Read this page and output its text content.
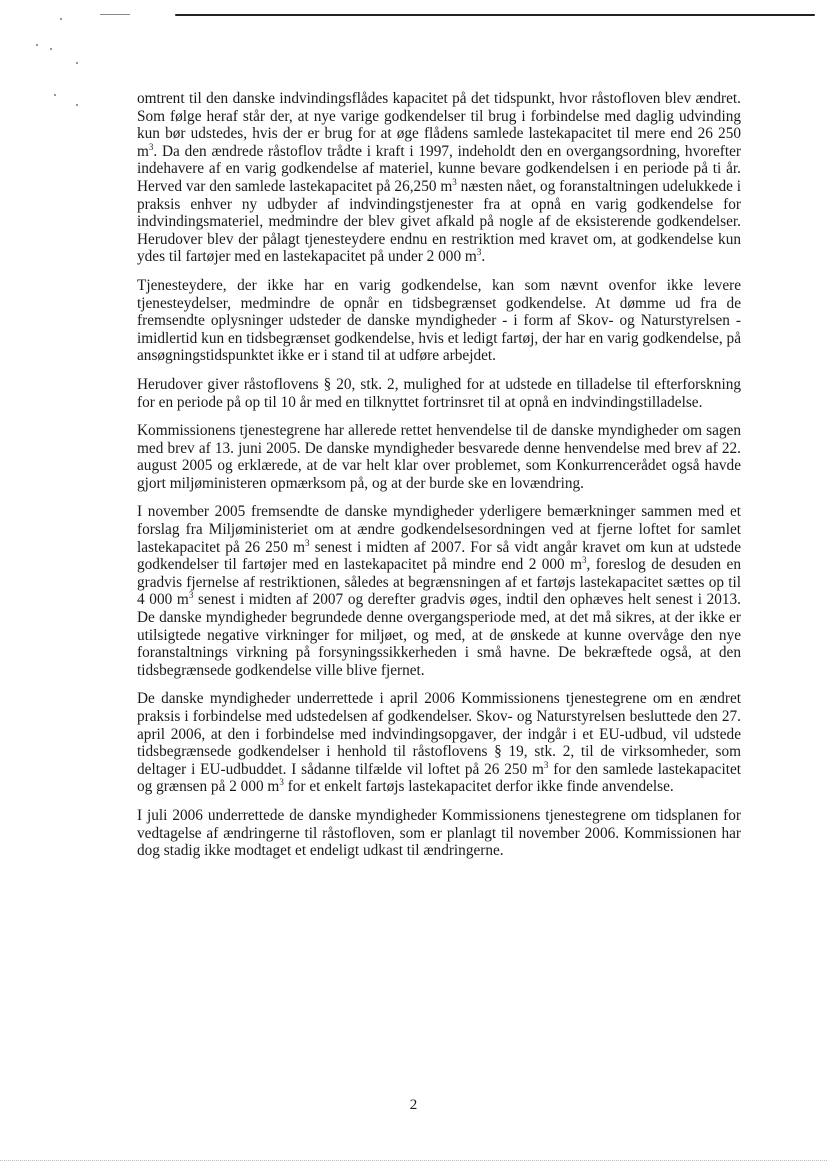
omtrent til den danske indvindingsflådes kapacitet på det tidspunkt, hvor råstofloven blev ændret. Som følge heraf står der, at nye varige godkendelser til brug i forbindelse med daglig udvinding kun bør udstedes, hvis der er brug for at øge flådens samlede lastekapacitet til mere end 26 250 $m^3$. Da den ændrede råstoflov trådte i kraft i 1997, indeholdt den en overgangsordning, hvorefter indehavere af en varig godkendelse af materiel, kunne bevare godkendelsen i en periode på ti år. Herved var den samlede lastekapacitet på 26,250 $m^3$ næsten nået, og foranstaltningen udelukkede i praksis enhver ny udbyder af indvindingstjenester fra at opnå en varig godkendelse for indvindingsmateriel, medmindre der blev givet afkald på nogle af de eksisterende godkendelser. Herudover blev der pålagt tjenesteydere endnu en restriktion med kravet om, at godkendelse kun ydes til fartøjer med en lastekapacitet på under 2 000 $m^3$.

Tjenesteydere, der ikke har en varig godkendelse, kan som nævnt ovenfor ikke levere tjenesteydelser, medmindre de opnår en tidsbegrænset godkendelse. At dømme ud fra de fremsendte oplysninger udsteder de danske myndigheder - i form af Skov- og Naturstyrelsen - imidlertid kun en tidsbegrænset godkendelse, hvis et ledigt fartøj, der har en varig godkendelse, på ansøgningstidspunktet ikke er i stand til at udføre arbejdet.

Herudover giver råstoflovens § 20, stk. 2, mulighed for at udstede en tilladelse til efterforskning for en periode på op til 10 år med en tilknyttet fortrinsret til at opnå en indvindingstilladelse.

Kommissionens tjenestegrene har allerede rettet henvendelse til de danske myndigheder om sagen med brev af 13. juni 2005. De danske myndigheder besvarede denne henvendelse med brev af 22. august 2005 og erklærede, at de var helt klar over problemet, som Konkurrencerådet også havde gjort miljøministeren opmærksom på, og at der burde ske en lovændring.

I november 2005 fremsendte de danske myndigheder yderligere bemærkninger sammen med et forslag fra Miljøministeriet om at ændre godkendelsesordningen ved at fjerne loftet for samlet lastekapacitet på 26 250 $m^3$ senest i midten af 2007. For så vidt angår kravet om kun at udstede godkendelser til fartøjer med en lastekapacitet på mindre end 2 000 $m^3$, foreslog de desuden en gradvis fjernelse af restriktionen, således at begrænsningen af et fartøjs lastekapacitet sættes op til 4 000 $m^3$ senest i midten af 2007 og derefter gradvis øges, indtil den ophæves helt senest i 2013. De danske myndigheder begrundede denne overgangsperiode med, at det må sikres, at der ikke er utilsigtede negative virkninger for miljøet, og med, at de ønskede at kunne overvåge den nye foranstaltnings virkning på forsyningssikkerheden i små havne. De bekræftede også, at den tidsbegrænsede godkendelse ville blive fjernet.

De danske myndigheder underrettede i april 2006 Kommissionens tjenestegrene om en ændret praksis i forbindelse med udstedelsen af godkendelser. Skov- og Naturstyrelsen besluttede den 27. april 2006, at den i forbindelse med indvindingsopgaver, der indgår i et EU-udbud, vil udstede tidsbegrænsede godkendelser i henhold til råstoflovens § 19, stk. 2, til de virksomheder, som deltager i EU-udbuddet. I sådanne tilfælde vil loftet på 26 250 $m^3$ for den samlede lastekapacitet og grænsen på 2 000 $m^3$ for et enkelt fartøjs lastekapacitet derfor ikke finde anvendelse.

I juli 2006 underrettede de danske myndigheder Kommissionens tjenestegrene om tidsplanen for vedtagelse af ændringerne til råstofloven, som er planlagt til november 2006. Kommissionen har dog stadig ikke modtaget et endeligt udkast til ændringerne.

2
